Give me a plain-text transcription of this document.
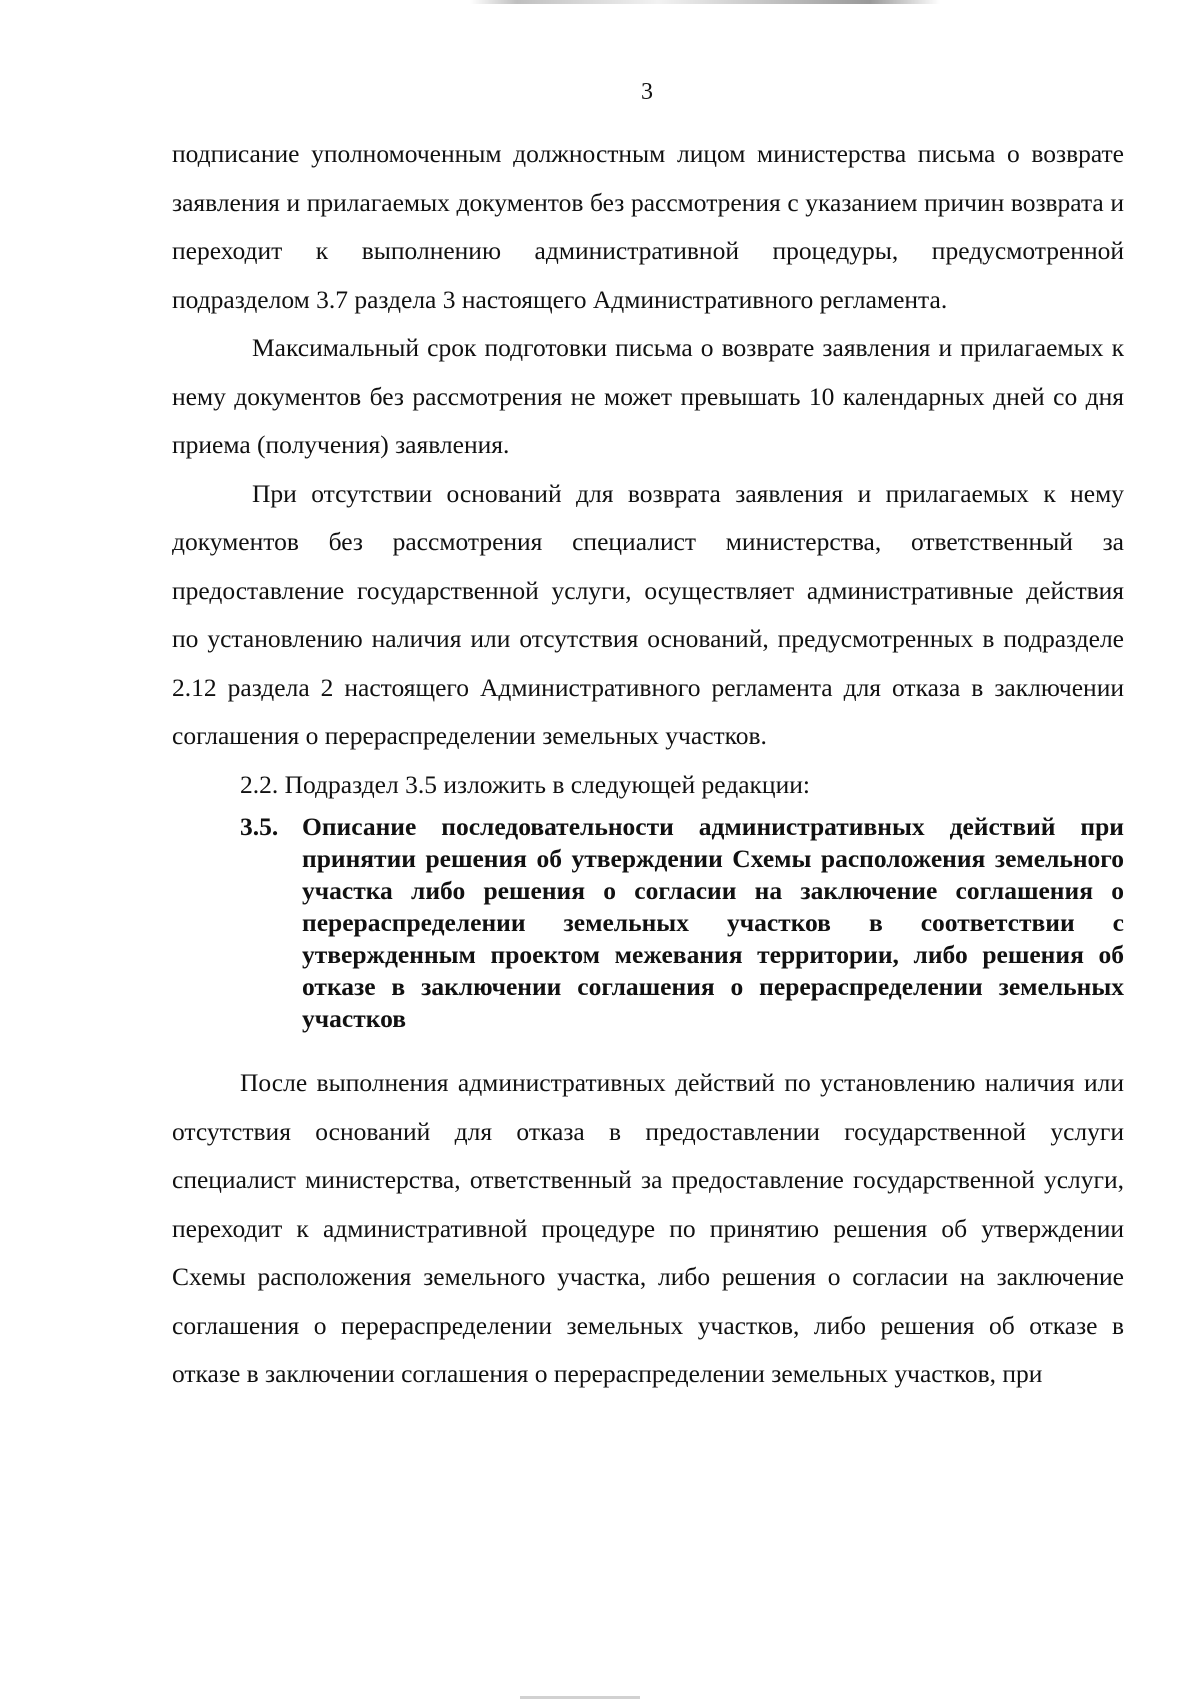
3

подписание уполномоченным должностным лицом министерства письма о возврате заявления и прилагаемых документов без рассмотрения с указанием причин возврата и переходит к выполнению административной процедуры, предусмотренной подразделом 3.7 раздела 3 настоящего Административного регламента.

Максимальный срок подготовки письма о возврате заявления и прилагаемых к нему документов без рассмотрения не может превышать 10 календарных дней со дня приема (получения) заявления.

При отсутствии оснований для возврата заявления и прилагаемых к нему документов без рассмотрения специалист министерства, ответственный за предоставление государственной услуги, осуществляет административные действия по установлению наличия или отсутствия оснований, предусмотренных в подразделе 2.12 раздела 2 настоящего Административного регламента для отказа в заключении соглашения о перераспределении земельных участков.

2.2. Подраздел 3.5 изложить в следующей редакции:

3.5. Описание последовательности административных действий при принятии решения об утверждении Схемы расположения земельного участка либо решения о согласии на заключение соглашения о перераспределении земельных участков в соответствии с утвержденным проектом межевания территории, либо решения об отказе в заключении соглашения о перераспределении земельных участков

После выполнения административных действий по установлению наличия или отсутствия оснований для отказа в предоставлении государственной услуги специалист министерства, ответственный за предоставление государственной услуги, переходит к административной процедуре по принятию решения об утверждении Схемы расположения земельного участка, либо решения о согласии на заключение соглашения о перераспределении земельных участков, либо решения об отказе в отказе в заключении соглашения о перераспределении земельных участков, при
